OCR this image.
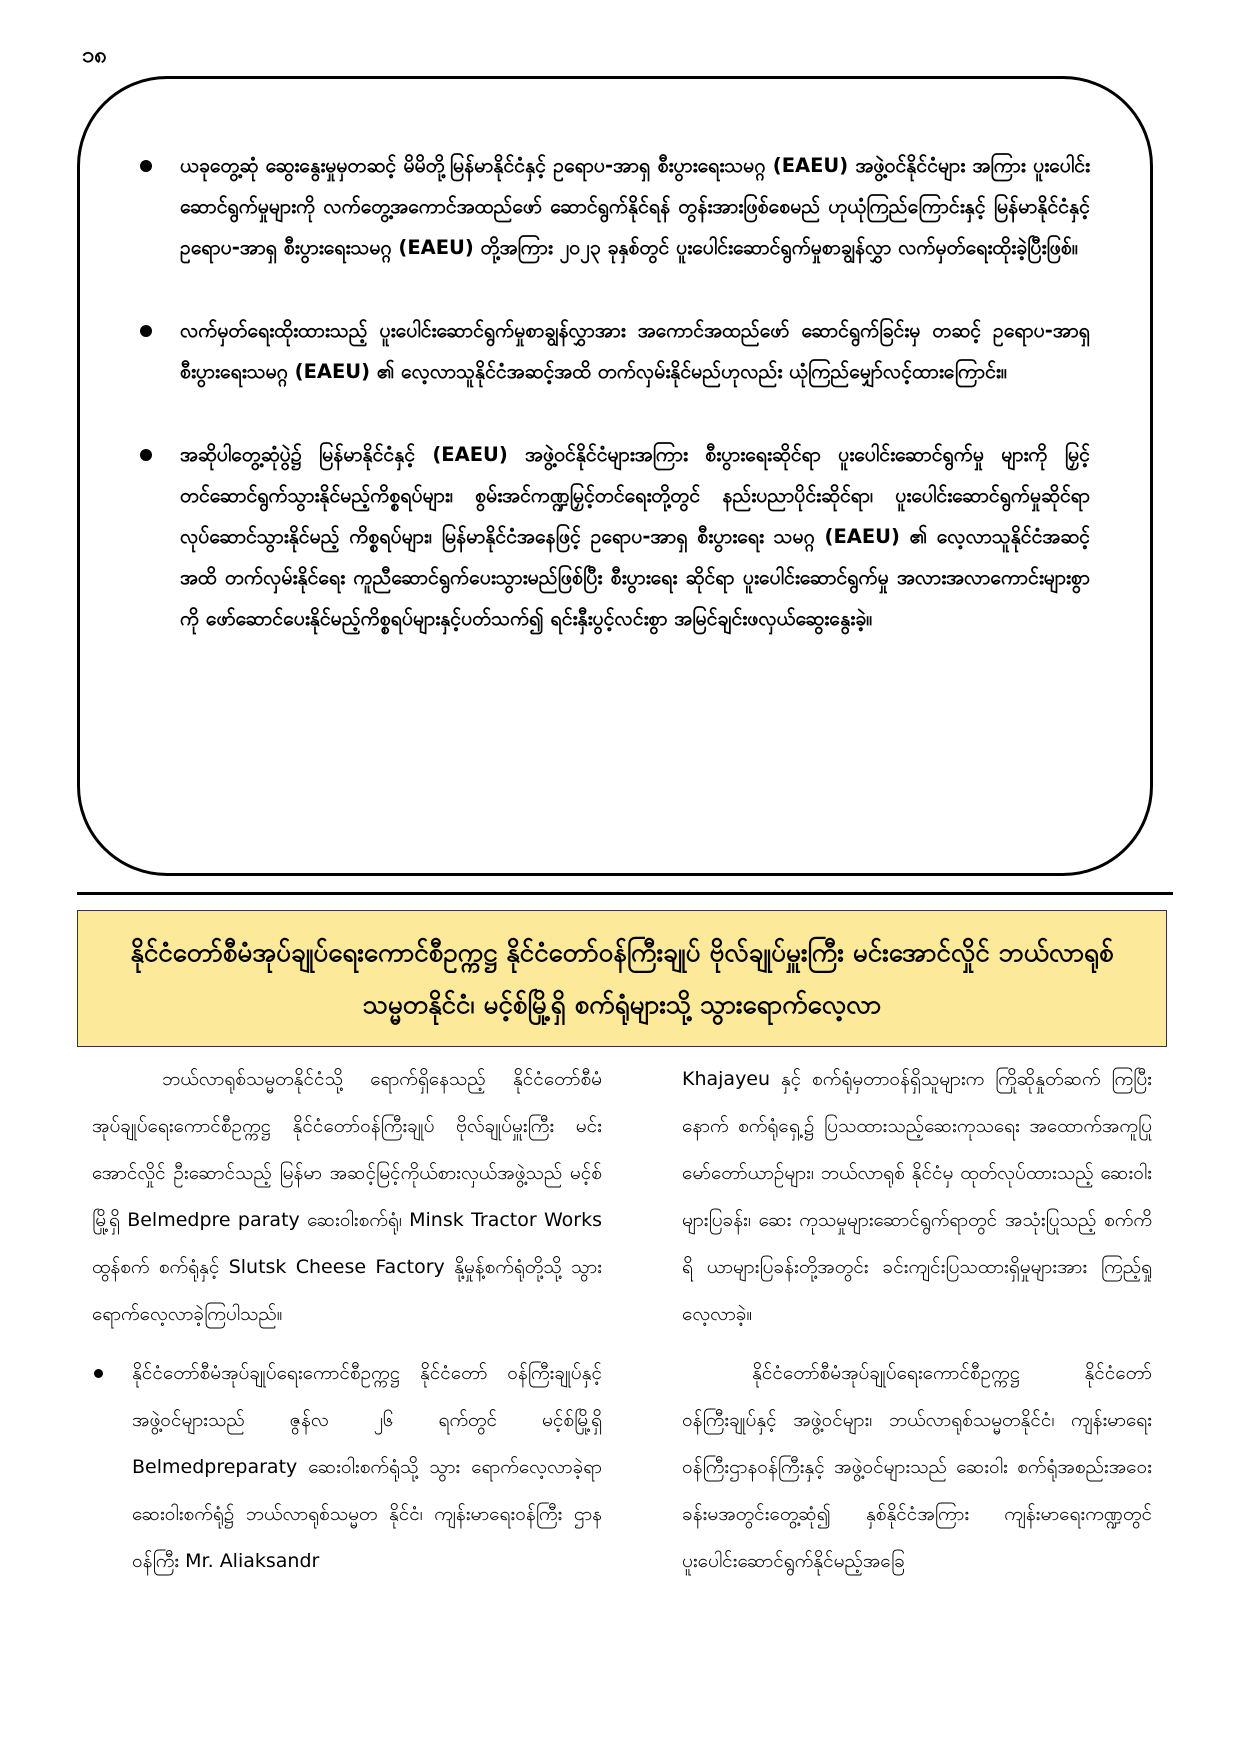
၁၈
ယခုတွေ့ဆုံ ဆွေးနွေးမှုမှတဆင့် မိမိတို့မြန်မာနိုင်ငံနှင့် ဥရောပ-အာရှ စီးပွားရေးသမဂ္ဂ (EAEU) အဖွဲ့ဝင်နိုင်ငံများ အကြား ပူးပေါင်းဆောင်ရွက်မှုများကို လက်တွေ့အကောင်အထည်ဖော် ဆောင်ရွက်နိုင်ရန် တွန်းအားဖြစ်စေမည် ဟုယုံကြည်ကြောင်းနှင့် မြန်မာနိုင်ငံနှင့် ဥရောပ-အာရှ စီးပွားရေးသမဂ္ဂ (EAEU) တို့အကြား ၂၀၂၃ ခုနှစ်တွင် ပူးပေါင်းဆောင်ရွက်မှုစာချွန်လွှာ လက်မှတ်ရေးထိုးခဲ့ပြီးဖြစ်။
လက်မှတ်ရေးထိုးထားသည့် ပူးပေါင်းဆောင်ရွက်မှုစာချွန်လွှာအား အကောင်အထည်ဖော် ဆောင်ရွက်ခြင်းမှ တဆင့် ဥရောပ-အာရှ စီးပွားရေးသမဂ္ဂ (EAEU) ၏ လေ့လာသူနိုင်ငံအဆင့်အထိ တက်လှမ်းနိုင်မည်ဟုလည်း ယုံကြည်မျှော်လင့်ထားကြောင်း။
အဆိုပါတွေ့ဆုံပွဲ၌ မြန်မာနိုင်ငံနှင့် (EAEU) အဖွဲ့ဝင်နိုင်ငံများအကြား စီးပွားရေးဆိုင်ရာ ပူးပေါင်းဆောင်ရွက်မှု များကို မြှင့်တင်ဆောင်ရွက်သွားနိုင်မည့်ကိစ္စရပ်များ၊ စွမ်းအင်ကဏ္ဍမြှင့်တင်ရေးတို့တွင် နည်းပညာပိုင်းဆိုင်ရာ၊ ပူးပေါင်းဆောင်ရွက်မှုဆိုင်ရာလုပ်ဆောင်သွားနိုင်မည့် ကိစ္စရပ်များ၊ မြန်မာနိုင်ငံအနေဖြင့် ဥရောပ-အာရှ စီးပွားရေး သမဂ္ဂ (EAEU) ၏ လေ့လာသူနိုင်ငံအဆင့်အထိ တက်လှမ်းနိုင်ရေး ကူညီဆောင်ရွက်ပေးသွားမည်ဖြစ်ပြီး စီးပွားရေး ဆိုင်ရာ ပူးပေါင်းဆောင်ရွက်မှု အလားအလာကောင်းများစွာကို ဖော်ဆောင်ပေးနိုင်မည့်ကိစ္စရပ်များနှင့်ပတ်သက်၍ ရင်းနှီးပွင့်လင်းစွာ အမြင်ချင်းဖလှယ်ဆွေးနွေးခဲ့။
နိုင်ငံတော်စီမံအုပ်ချုပ်ရေးကောင်စီဥက္ကဋ္ဌ နိုင်ငံတော်ဝန်ကြီးချုပ် ဗိုလ်ချုပ်မှူးကြီး မင်းအောင်လှိုင် ဘယ်လာရုစ်သမ္မတနိုင်ငံ၊ မင့်စ်မြို့ရှိ စက်ရုံများသို့ သွားရောက်လေ့လာ

ဘယ်လာရုစ်သမ္မတနိုင်ငံသို့ ရောက်ရှိနေသည့် နိုင်ငံတော်စီမံအုပ်ချုပ်ရေးကောင်စီဥက္ကဋ္ဌ နိုင်ငံတော်ဝန်ကြီးချုပ် ဗိုလ်ချုပ်မှူးကြီး မင်းအောင်လှိုင် ဦးဆောင်သည့် မြန်မာ အဆင့်မြင့်ကိုယ်စားလှယ်အဖွဲ့သည် မင့်စ်မြို့ရှိ Belmedpre paraty ဆေးဝါးစက်ရုံ၊ Minsk Tractor Works ထွန်စက် စက်ရုံနှင့် Slutsk Cheese Factory နို့မှုန့်စက်ရုံတို့သို့ သွား ရောက်လေ့လာခဲ့ကြပါသည်။

နိုင်ငံတော်စီမံအုပ်ချုပ်ရေးကောင်စီဥက္ကဋ္ဌ နိုင်ငံတော် ဝန်ကြီးချုပ်နှင့်အဖွဲ့ဝင်များသည် ဇွန်လ ၂၆ ရက်တွင် မင့်စ်မြို့ရှိ Belmedpreparaty ဆေးဝါးစက်ရုံသို့ သွား ရောက်လေ့လာခဲ့ရာ ဆေးဝါးစက်ရုံ၌ ဘယ်လာရုစ်သမ္မတ နိုင်ငံ၊ ကျန်းမာရေးဝန်ကြီး ဌာနဝန်ကြီး Mr. Aliaksandr

Khajayeu နှင့် စက်ရုံမှတာဝန်ရှိသူများက ကြိုဆိုနှုတ်ဆက် ကြပြီးနောက် စက်ရုံရှေ့၌ ပြသထားသည့်ဆေးကုသရေး အထောက်အကူပြု မော်တော်ယာဉ်များ၊ ဘယ်လာရုစ် နိုင်ငံမှ ထုတ်လုပ်ထားသည့် ဆေးဝါးများပြခန်း၊ ဆေး ကုသမှုများဆောင်ရွက်ရာတွင် အသုံးပြုသည့် စက်ကိရိ ယာများပြခန်းတို့အတွင်း ခင်းကျင်းပြသထားရှိမှုများအား ကြည့်ရှုလေ့လာခဲ့။

နိုင်ငံတော်စီမံအုပ်ချုပ်ရေးကောင်စီဥက္ကဋ္ဌ နိုင်ငံတော် ဝန်ကြီးချုပ်နှင့် အဖွဲ့ဝင်များ၊ ဘယ်လာရုစ်သမ္မတနိုင်ငံ၊ ကျန်းမာရေးဝန်ကြီးဌာနဝန်ကြီးနှင့် အဖွဲ့ဝင်များသည် ဆေးဝါး စက်ရုံအစည်းအဝေးခန်းမအတွင်းတွေ့ဆုံ၍ နှစ်နိုင်ငံအကြား ကျန်းမာရေးကဏ္ဍတွင် ပူးပေါင်းဆောင်ရွက်နိုင်မည့်အခြေ
